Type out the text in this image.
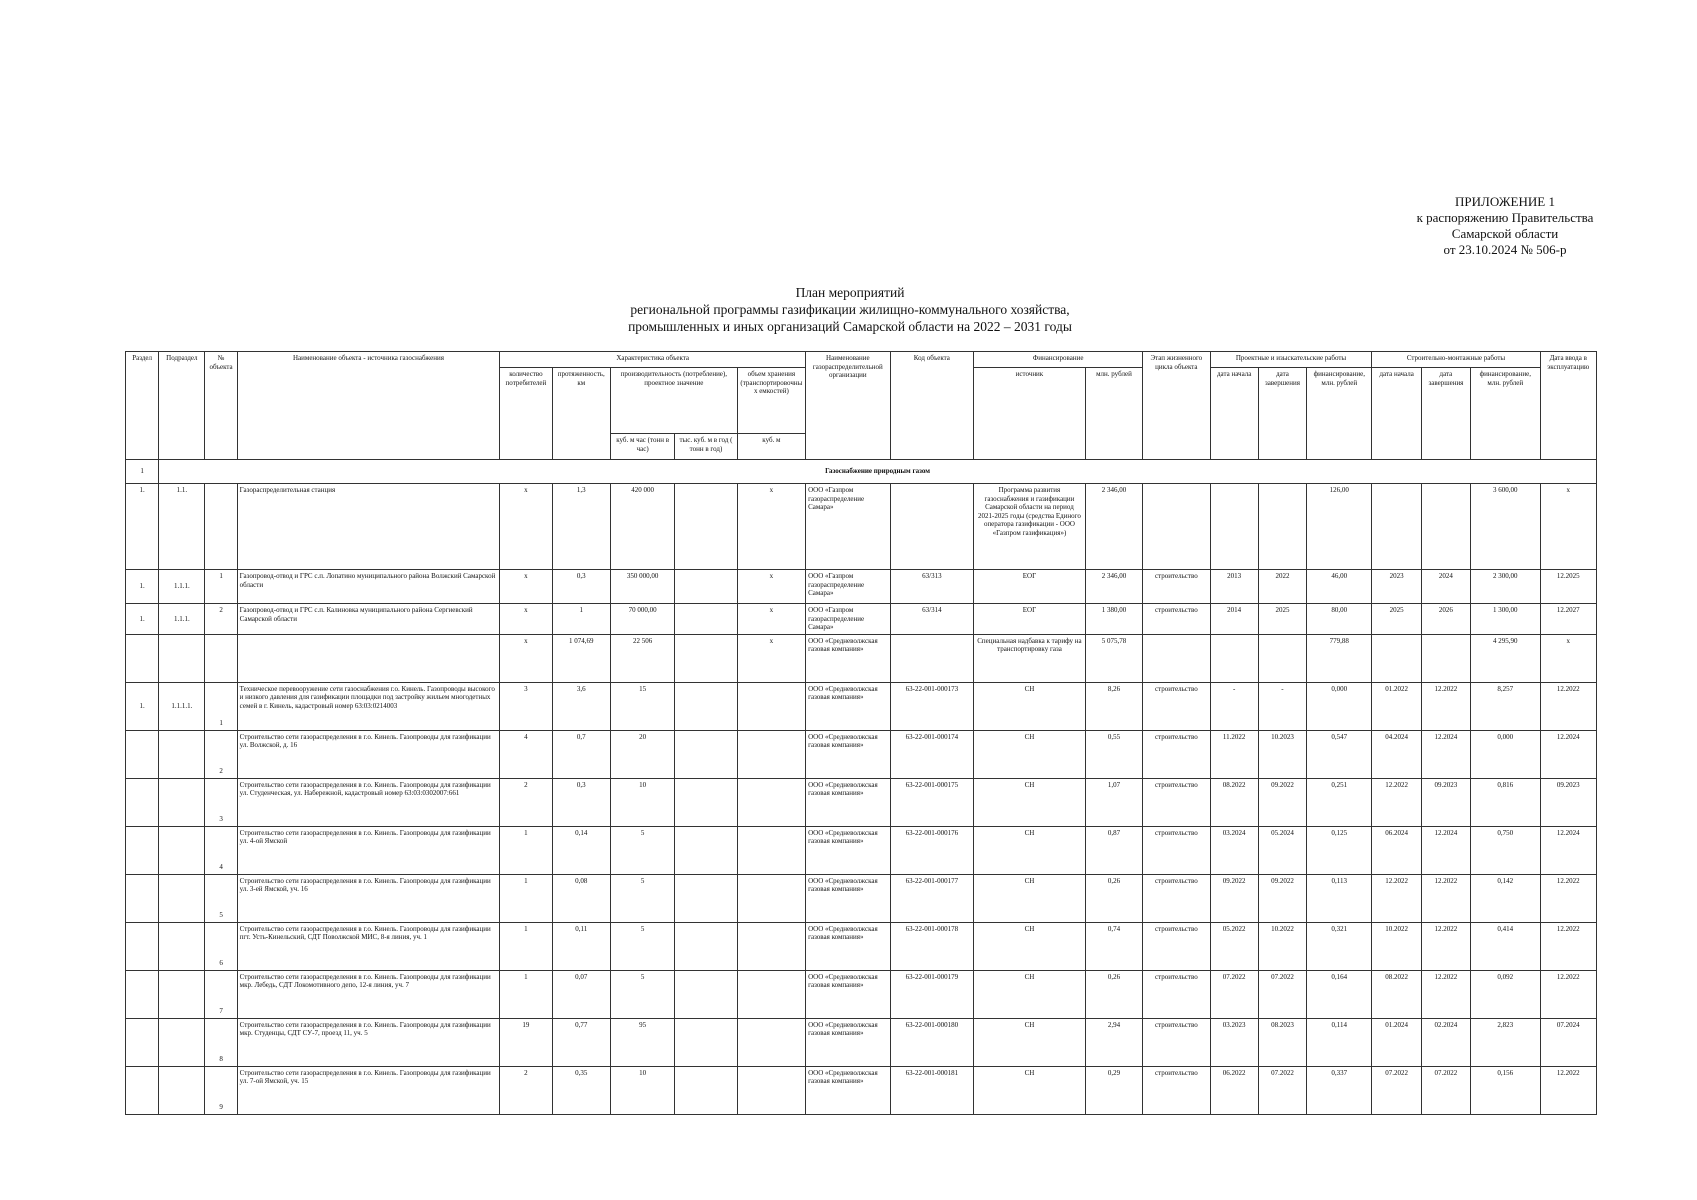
ПРИЛОЖЕНИЕ 1
к распоряжению Правительства
Самарской области
от 23.10.2024 № 506-р
План мероприятий
региональной программы газификации жилищно-коммунального хозяйства,
промышленных и иных организаций Самарской области на 2022 – 2031 годы
Раздел	Подраздел	№ объекта	Наименование объекта - источника газоснабжения	Характеристика объекта					Наименование газораспределительной организации	Код объекта	Финансирование		Этап жизненного цикла объекта	Проектные и изыскательские работы			Строительно-монтажные работы			Дата ввода в эксплуатацию
				количество потребителей	протяженность, км	производительность (потребление), проектное значение		объем хранения (транспортировочных емкостей)			источник	млн. рублей		дата начала	дата завершения	финансирование, млн. рублей	дата начала	дата завершения	финансирование, млн. рублей	
						куб. м час (тонн в час)	тыс. куб. м в год ( тонн в год)	куб. м												
1	Газоснабжение природным газом																			
1.	1.1.		Газораспределительная станция	х	1,3	420 000		х	ООО «Газпром газораспределение Самара»		Программа развития газоснабжения и газификации Самарской области на период 2021-2025 годы (средства Единого оператора газификации - ООО «Газпром газификация»)	2 346,00				126,00			3 600,00	х
1.	1.1.1.	1	Газопровод-отвод и ГРС с.п. Лопатино муниципального района Волжский Самарской области	х	0,3	350 000,00		х	ООО «Газпром газораспределение Самара»	63/313	ЕОГ	2 346,00	строительство	2013	2022	46,00	2023	2024	2 300,00	12.2025
1.	1.1.1.	2	Газопровод-отвод и ГРС с.п. Калиновка муниципального района Сергиевский Самарской области	х	1	70 000,00		х	ООО «Газпром газораспределение Самара»	63/314	ЕОГ	1 380,00	строительство	2014	2025	80,00	2025	2026	1 300,00	12.2027
				х	1 074,69	22 506		х	ООО «Средневолжская газовая компания»		Специальная надбавка к тарифу на транспортировку газа	5 075,78				779,88			4 295,90	х
1.	1.1.1.1.	1	Техническое перевооружение сети газоснабжения г.о. Кинель. Газопроводы высокого и низкого давления для газификации площадки под застройку жильем многодетных семей в г. Кинель, кадастровый номер 63:03:0214003	3	3,6	15			ООО «Средневолжская газовая компания»	63-22-001-000173	СН	8,26	строительство	-	-	0,000	01.2022	12.2022	8,257	12.2022
		2	Строительство сети газораспределения в г.о. Кинель. Газопроводы для газификации ул. Волжской, д. 16	4	0,7	20			ООО «Средневолжская газовая компания»	63-22-001-000174	СН	0,55	строительство	11.2022	10.2023	0,547	04.2024	12.2024	0,000	12.2024
		3	Строительство сети газораспределения в г.о. Кинель. Газопроводы для газификации ул. Студенческая, ул. Набережной, кадастровый номер 63:03:0302007:661	2	0,3	10			ООО «Средневолжская газовая компания»	63-22-001-000175	СН	1,07	строительство	08.2022	09.2022	0,251	12.2022	09.2023	0,816	09.2023
		4	Строительство сети газораспределения в г.о. Кинель. Газопроводы для газификации ул. 4-ой Ямской	1	0,14	5			ООО «Средневолжская газовая компания»	63-22-001-000176	СН	0,87	строительство	03.2024	05.2024	0,125	06.2024	12.2024	0,750	12.2024
		5	Строительство сети газораспределения в г.о. Кинель. Газопроводы для газификации ул. 3-ей Ямской, уч. 16	1	0,08	5			ООО «Средневолжская газовая компания»	63-22-001-000177	СН	0,26	строительство	09.2022	09.2022	0,113	12.2022	12.2022	0,142	12.2022
		6	Строительство сети газораспределения в г.о. Кинель. Газопроводы для газификации пгт. Усть-Кинельский, СДТ Поволжской МИС, 8-я линия, уч. 1	1	0,11	5			ООО «Средневолжская газовая компания»	63-22-001-000178	СН	0,74	строительство	05.2022	10.2022	0,321	10.2022	12.2022	0,414	12.2022
		7	Строительство сети газораспределения в г.о. Кинель. Газопроводы для газификации мкр. Лебедь, СДТ Локомотивного депо, 12-я линия, уч. 7	1	0,07	5			ООО «Средневолжская газовая компания»	63-22-001-000179	СН	0,26	строительство	07.2022	07.2022	0,164	08.2022	12.2022	0,092	12.2022
		8	Строительство сети газораспределения в г.о. Кинель. Газопроводы для газификации мкр. Студенцы, СДТ СУ-7, проезд 11, уч. 5	19	0,77	95			ООО «Средневолжская газовая компания»	63-22-001-000180	СН	2,94	строительство	03.2023	08.2023	0,114	01.2024	02.2024	2,823	07.2024
		9	Строительство сети газораспределения в г.о. Кинель. Газопроводы для газификации ул. 7-ой Ямской, уч. 15	2	0,35	10			ООО «Средневолжская газовая компания»	63-22-001-000181	СН	0,29	строительство	06.2022	07.2022	0,337	07.2022	07.2022	0,156	12.2022
